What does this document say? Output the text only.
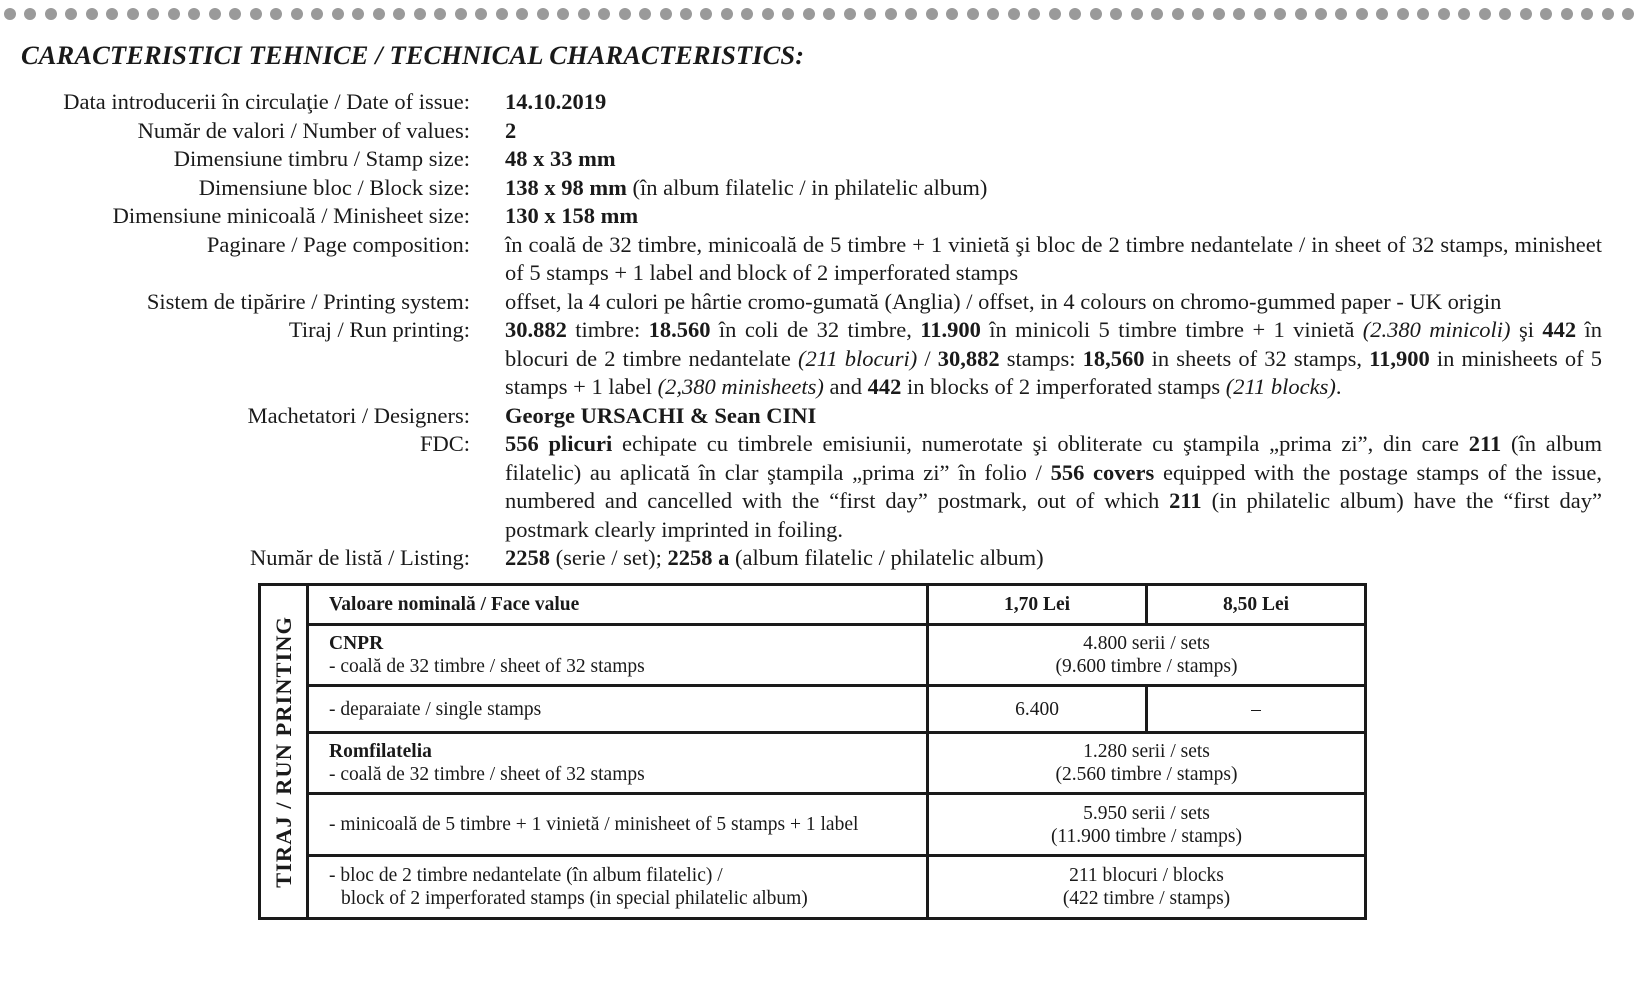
CARACTERISTICI TEHNICE / TECHNICAL CHARACTERISTICS:
Data introducerii în circulaţie / Date of issue:	14.10.2019
Număr de valori / Number of values:	2
Dimensiune timbru / Stamp size:	48 x 33 mm
Dimensiune bloc / Block size:	138 x 98 mm (în album filatelic / in philatelic album)
Dimensiune minicoală / Minisheet size:	130 x 158 mm
Paginare / Page composition:	în coală de 32 timbre, minicoală de 5 timbre + 1 vinietă şi bloc de 2 timbre nedantelate / in sheet of 32 stamps, minisheet of 5 stamps + 1 label and block of 2 imperforated stamps
Sistem de tipărire / Printing system:	offset, la 4 culori pe hârtie cromo-gumată (Anglia) / offset, in 4 colours on chromo-gummed paper - UK origin
Tiraj / Run printing:	30.882 timbre: 18.560 în coli de 32 timbre, 11.900 în minicoli 5 timbre timbre + 1 vinietă (2.380 minicoli) şi 442 în blocuri de 2 timbre nedantelate (211 blocuri) / 30,882 stamps: 18,560 in sheets of 32 stamps, 11,900 in minisheets of 5 stamps + 1 label (2,380 minisheets) and 442 in blocks of 2 imperforated stamps (211 blocks).
Machetatori / Designers:	George URSACHI & Sean CINI
FDC:	556 plicuri echipate cu timbrele emisiunii, numerotate şi obliterate cu ştampila „prima zi”, din care 211 (în album filatelic) au aplicată în clar ştampila „prima zi” în folio / 556 covers equipped with the postage stamps of the issue, numbered and cancelled with the “first day” postmark, out of which 211 (in philatelic album) have the “first day” postmark clearly imprinted in foiling.
Număr de listă / Listing:	2258 (serie / set); 2258 a (album filatelic / philatelic album)
TIRAJ / RUN PRINTING	Valoare nominală / Face value	1,70 Lei	8,50 Lei

	CNPR
- coală de 32 timbre / sheet of 32 stamps	4.800 serii / sets
(9.600 timbre / stamps)	

	- deparaiate / single stamps	6.400	–

	Romfilatelia
- coală de 32 timbre / sheet of 32 stamps	1.280 serii / sets
(2.560 timbre / stamps)	

	- minicoală de 5 timbre + 1 vinietă / minisheet of 5 stamps + 1 label	5.950 serii / sets
(11.900 timbre / stamps)	

	- bloc de 2 timbre nedantelate (în album filatelic) /
block of 2 imperforated stamps (in special philatelic album)	211 blocuri / blocks
(422 timbre / stamps)	
